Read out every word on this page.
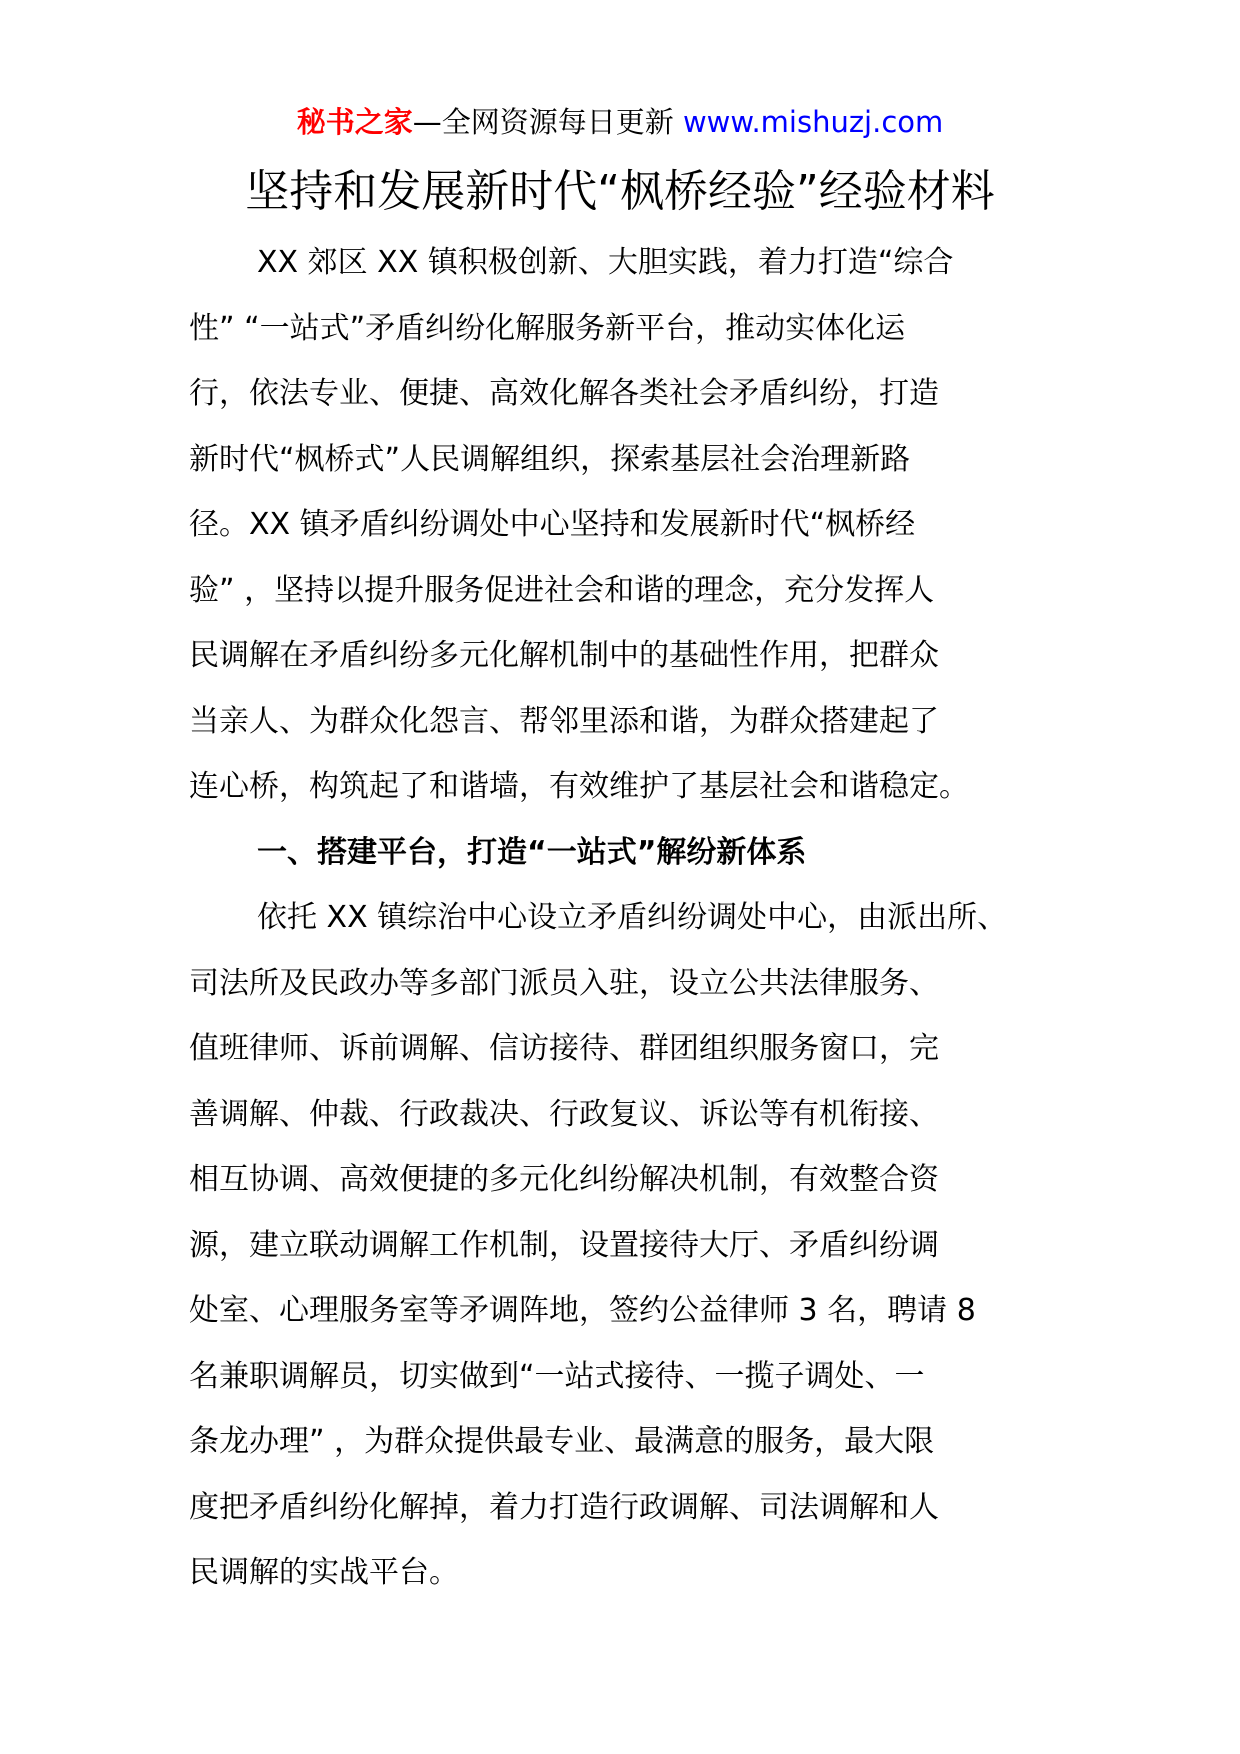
秘书之家—全网资源每日更新 www.mishuzj.com
坚持和发展新时代“枫桥经验”经验材料
XX 郊区 XX 镇积极创新、大胆实践，着力打造“综合
性” “一站式”矛盾纠纷化解服务新平台，推动实体化运
行，依法专业、便捷、高效化解各类社会矛盾纠纷，打造
新时代“枫桥式”人民调解组织，探索基层社会治理新路
径。XX 镇矛盾纠纷调处中心坚持和发展新时代“枫桥经
验” ，坚持以提升服务促进社会和谐的理念，充分发挥人
民调解在矛盾纠纷多元化解机制中的基础性作用，把群众
当亲人、为群众化怨言、帮邻里添和谐，为群众搭建起了
连心桥，构筑起了和谐墙，有效维护了基层社会和谐稳定。
一、搭建平台，打造“一站式”解纷新体系
依托 XX 镇综治中心设立矛盾纠纷调处中心，由派出所、
司法所及民政办等多部门派员入驻，设立公共法律服务、
值班律师、诉前调解、信访接待、群团组织服务窗口，完
善调解、仲裁、行政裁决、行政复议、诉讼等有机衔接、
相互协调、高效便捷的多元化纠纷解决机制，有效整合资
源，建立联动调解工作机制，设置接待大厅、矛盾纠纷调
处室、心理服务室等矛调阵地，签约公益律师 3 名，聘请 8
名兼职调解员，切实做到“一站式接待、一揽子调处、一
条龙办理” ，为群众提供最专业、最满意的服务，最大限
度把矛盾纠纷化解掉，着力打造行政调解、司法调解和人
民调解的实战平台。
